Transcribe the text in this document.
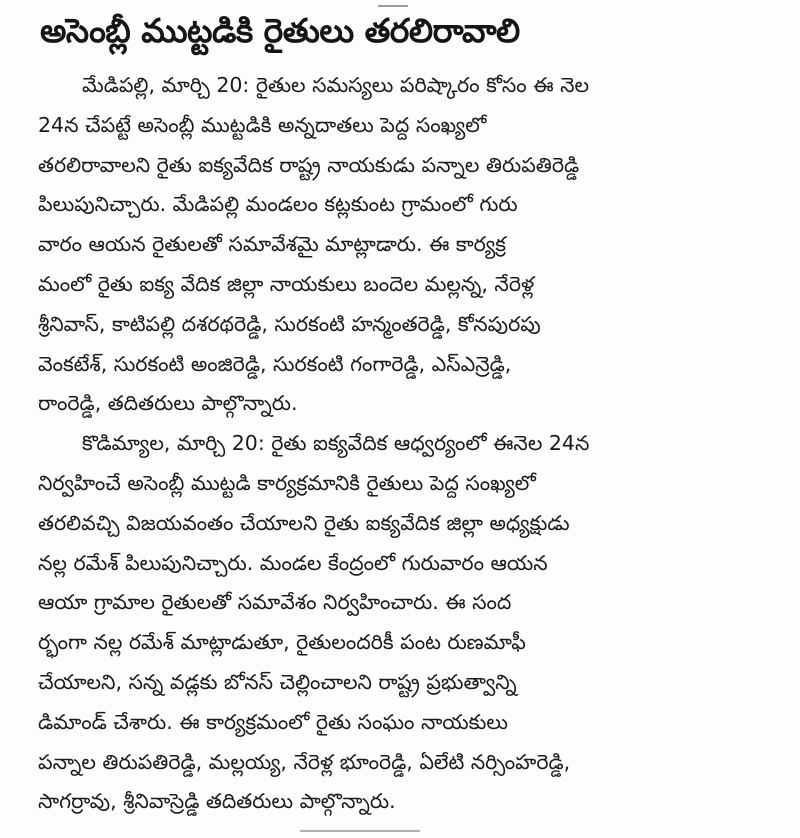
అసెంబ్లీ ముట్టడికి రైతులు తరలిరావాలి
మేడిపల్లి, మార్చి 20: రైతుల సమస్యలు పరిష్కారం కోసం ఈ నెల
24న చేపట్టే అసెంబ్లీ ముట్టడికి అన్నదాతలు పెద్ద సంఖ్యలో
తరలిరావాలని రైతు ఐక్యవేదిక రాష్ట్ర నాయకుడు పన్నాల తిరుపతిరెడ్డి
పిలుపునిచ్చారు. మేడిపల్లి మండలం కట్లకుంట గ్రామంలో గురు
వారం ఆయన రైతులతో సమావేశమై మాట్లాడారు. ఈ కార్యక్ర
మంలో రైతు ఐక్య వేదిక జిల్లా నాయకులు బందెల మల్లన్న, నేరెళ్ల
శ్రీనివాస్, కాటిపల్లి దశరథరెడ్డి, సురకంటి హన్మంతరెడ్డి, కోనపురపు
వెంకటేశ్, సురకంటి అంజిరెడ్డి, సురకంటి గంగారెడ్డి, ఎస్ఎన్రెడ్డి,
రాంరెడ్డి, తదితరులు పాల్గొన్నారు.
కొడిమ్యాల, మార్చి 20: రైతు ఐక్యవేదిక ఆధ్వర్యంలో ఈనెల 24న
నిర్వహించే అసెంబ్లీ ముట్టడి కార్యక్రమానికి రైతులు పెద్ద సంఖ్యలో
తరలివచ్చి విజయవంతం చేయాలని రైతు ఐక్యవేదిక జిల్లా అధ్యక్షుడు
నల్ల రమేశ్ పిలుపునిచ్చారు. మండల కేంద్రంలో గురువారం ఆయన
ఆయా గ్రామాల రైతులతో సమావేశం నిర్వహించారు. ఈ సంద
ర్భంగా నల్ల రమేశ్ మాట్లాడుతూ, రైతులందరికీ పంట రుణమాఫీ
చేయాలని, సన్న వడ్లకు బోనస్ చెల్లించాలని రాష్ట్ర ప్రభుత్వాన్ని
డిమాండ్ చేశారు. ఈ కార్యక్రమంలో రైతు సంఘం నాయకులు
పన్నాల తిరుపతిరెడ్డి, మల్లయ్య, నేరెళ్ల భూంరెడ్డి, ఏలేటి నర్సింహరెడ్డి,
సాగర్రావు, శ్రీనివాస్రెడ్డి తదితరులు పాల్గొన్నారు.
